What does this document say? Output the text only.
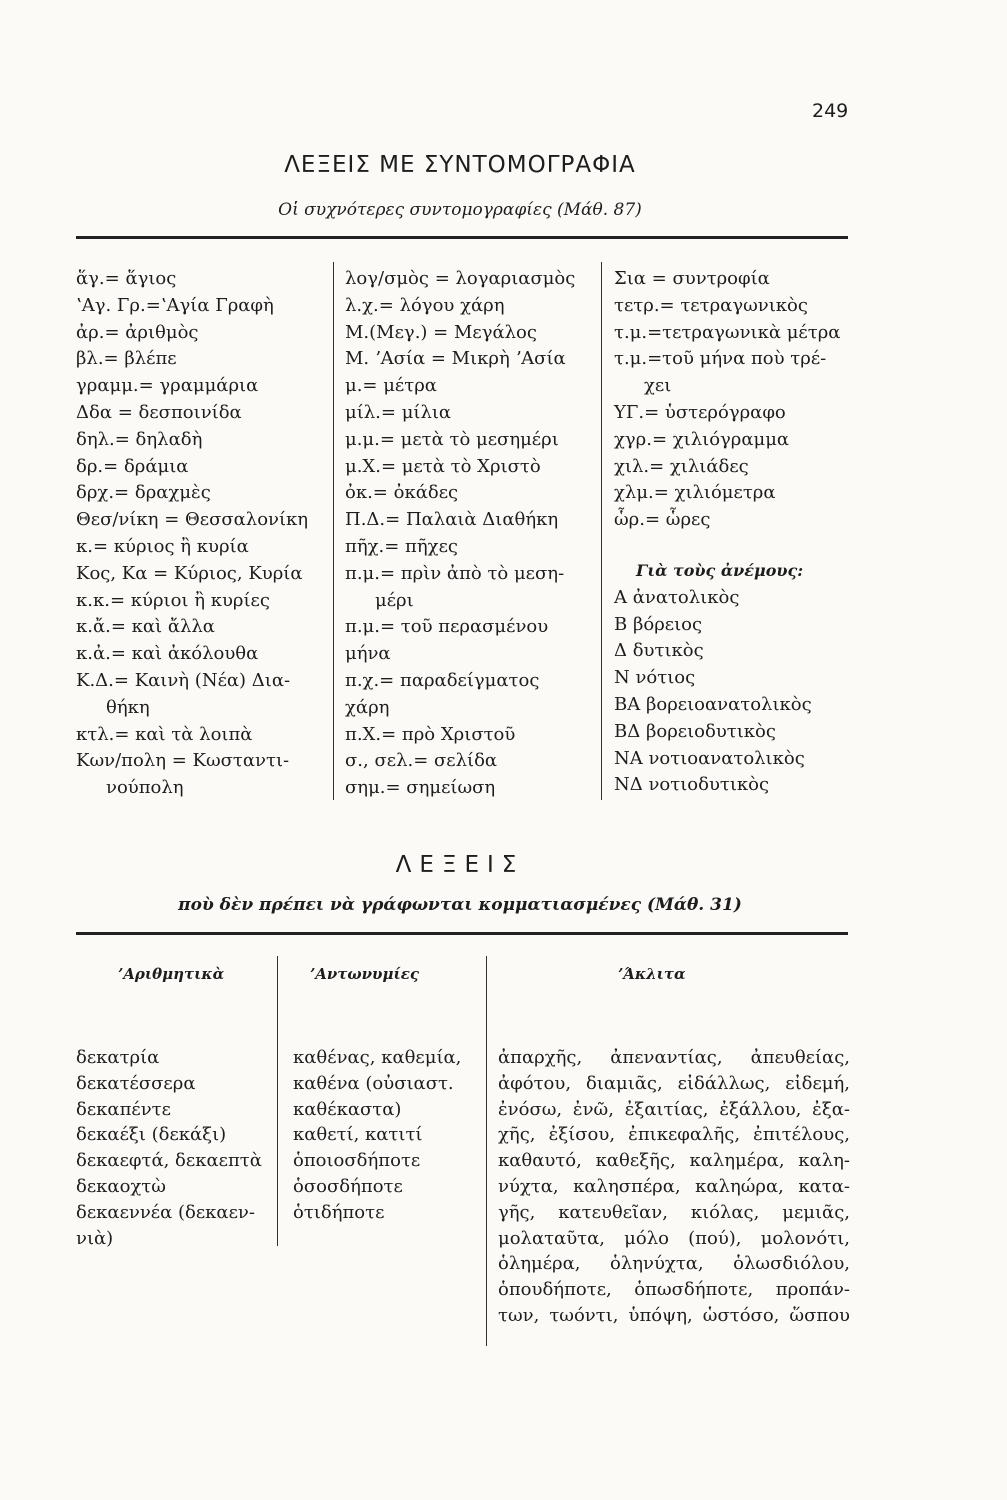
249
ΛΕΞΕΙΣ ΜΕ ΣΥΝΤΟΜΟΓΡΑΦΙΑ
Οἱ συχνότερες συντομογραφίες (Μάθ. 87)
ἅγ.= ἅγιος
ʽΑγ. Γρ.=ʽΑγία Γραφὴ
ἀρ.= ἀριθμὸς
βλ.= βλέπε
γραμμ.= γραμμάρια
Δδα = δεσποινίδα
δηλ.= δηλαδὴ
δρ.= δράμια
δρχ.= δραχμὲς
Θεσ/νίκη = Θεσσαλονίκη
κ.= κύριος ἢ κυρία
Κος, Κα = Κύριος, Κυρία
κ.κ.= κύριοι ἢ κυρίες
κ.ἄ.= καὶ ἄλλα
κ.ἀ.= καὶ ἀκόλουθα
Κ.Δ.= Καινὴ (Νέα) Δια-
θήκη
κτλ.= καὶ τὰ λοιπὰ
Κων/πολη = Κωσταντι-
νούπολη
λογ/σμὸς = λογαριασμὸς
λ.χ.= λόγου χάρη
Μ.(Μεγ.) = Μεγάλος
Μ. ʼΑσία = Μικρὴ ʼΑσία
μ.= μέτρα
μίλ.= μίλια
μ.μ.= μετὰ τὸ μεσημέρι
μ.Χ.= μετὰ τὸ Χριστὸ
ὀκ.= ὀκάδες
Π.Δ.= Παλαιὰ Διαθήκη
πῆχ.= πῆχες
π.μ.= πρὶν ἀπὸ τὸ μεση-
μέρι
π.μ.= τοῦ περασμένου
μήνα
π.χ.= παραδείγματος
χάρη
π.Χ.= πρὸ Χριστοῦ
σ., σελ.= σελίδα
σημ.= σημείωση
Σια = συντροφία
τετρ.= τετραγωνικὸς
τ.μ.=τετραγωνικὰ μέτρα
τ.μ.=τοῦ μήνα ποὺ τρέ-
χει
ΥΓ.= ὑστερόγραφο
χγρ.= χιλιόγραμμα
χιλ.= χιλιάδες
χλμ.= χιλιόμετρα
ὧρ.= ὧρες
Γιὰ τοὺς ἀνέμους:
Α ἀνατολικὸς
Β βόρειος
Δ δυτικὸς
Ν νότιος
ΒΑ βορειοανατολικὸς
ΒΔ βορειοδυτικὸς
ΝΑ νοτιοανατολικὸς
ΝΔ νοτιοδυτικὸς
ΛΕΞΕΙΣ
ποὺ δὲν πρέπει νὰ γράφωνται κομματιασμένες (Μάθ. 31)
ʼΑριθμητικὰ	ʼΑντωνυμίες	ʼΆκλιτα
δεκατρία
δεκατέσσερα
δεκαπέντε
δεκαέξι (δεκάξι)
δεκαεφτά, δεκαεπτὰ
δεκαοχτὼ
δεκαεννέα (δεκαεν-
νιὰ)
καθένας, καθεμία,
καθένα (οὐσιαστ.
καθέκαστα)
καθετί, κατιτί
ὁποιοσδήποτε
ὁσοσδήποτε
ὁτιδήποτε
ἀπαρχῆς, ἀπεναντίας, ἀπευθείας,
ἀφότου, διαμιᾶς, εἰδάλλως, εἰδεμή,
ἐνόσω, ἐνῶ, ἐξαιτίας, ἐξάλλου, ἐξα-
χῆς, ἐξίσου, ἐπικεφαλῆς, ἐπιτέλους,
καθαυτό, καθεξῆς, καλημέρα, καλη-
νύχτα, καλησπέρα, καληώρα, κατα-
γῆς, κατευθεῖαν, κιόλας, μεμιᾶς,
μολαταῦτα, μόλο (πού), μολονότι,
ὁλημέρα, ὁληνύχτα, ὁλωσδιόλου,
ὁπουδήποτε, ὁπωσδήποτε, προπάν-
των, τωόντι, ὑπόψη, ὡστόσο, ὥσπου
